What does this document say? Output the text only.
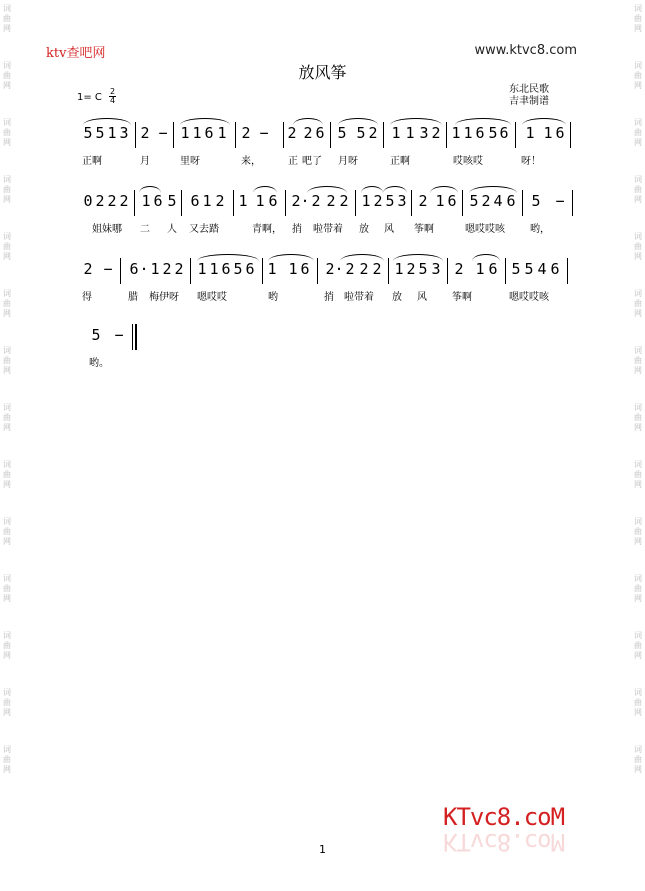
词
曲
网
词
曲
网
词
曲
网
词
曲
网
词
曲
网
词
曲
网
词
曲
网
词
曲
网
词
曲
网
词
曲
网
词
曲
网
词
曲
网
词
曲
网
词
曲
网
词
曲
网
词
曲
网
词
曲
网
词
曲
网
词
曲
网
词
曲
网
词
曲
网
词
曲
网
词
曲
网
词
曲
网
词
曲
网
词
曲
网
词
曲
网
词
曲
网
ktv查吧网	www.ktvc8.com
放风筝
东北民歌
吉聿制谱
1= C
2
4
5 5 1 3 2 − 1 1 6 1 2 − 2 2 6 5 5 2 1 1 3 2 1 1 6 5 6 1 1 6
正啊	月	里呀	来，	正 吧了 月呀	正啊	哎咳哎	呀！
0 2 2 2 1 6 5 6 1 2 1 1 6 2 · 2 2 2 1 2 5 3 2 1 6 5 2 4 6 5 −
姐妹哪 二 人 又去踏	青啊， 捎 啦带着 放 风 筝啊	嗯哎哎咳	哟，
2 − 6 · 1 2 2 1 1 6 5 6 1 1 6 2 · 2 2 2 1 2 5 3 2 1 6 5 5 4 6
得	腊 梅伊呀 嗯哎哎	哟	捎 啦带着 放 风	筝啊	嗯哎哎咳
5 −
哟。
KTvc8.coM
KTvc8.coM
1
